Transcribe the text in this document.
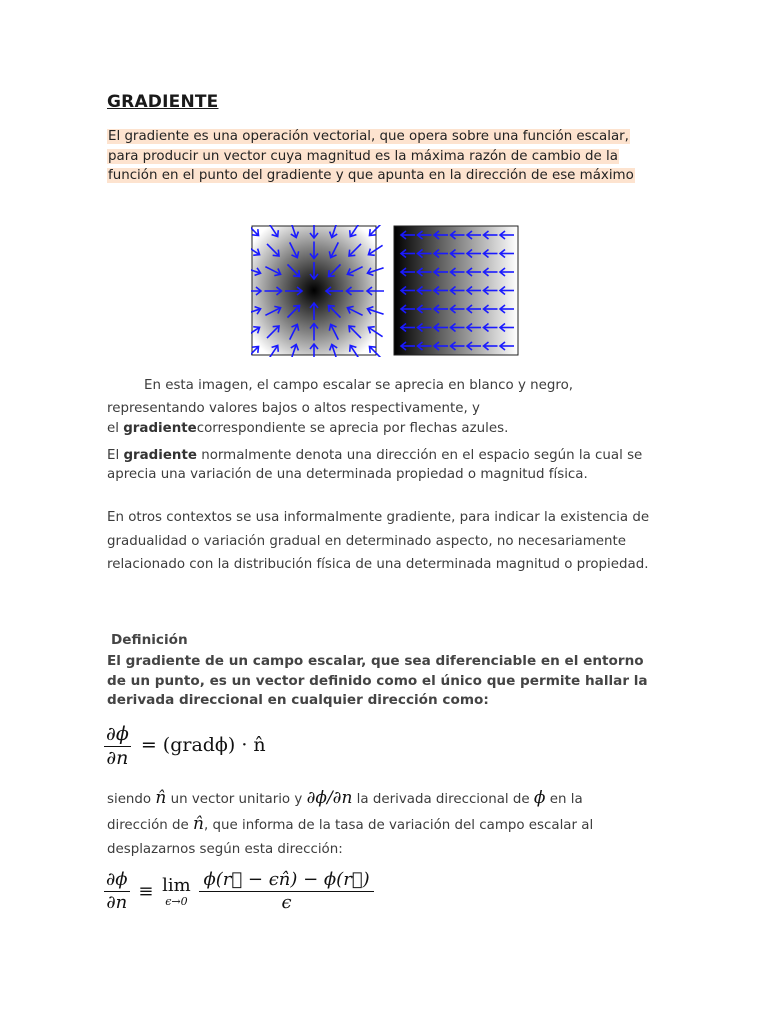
GRADIENTE
El gradiente es una operación vectorial, que opera sobre una función escalar,
para producir un vector cuya magnitud es la máxima razón de cambio de la
función en el punto del gradiente y que apunta en la dirección de ese máximo
En esta imagen, el campo escalar se aprecia en blanco y negro,
representando valores bajos o altos respectivamente, y
el gradientecorrespondiente se aprecia por flechas azules.
El gradiente normalmente denota una dirección en el espacio según la cual se aprecia una variación de una determinada propiedad o magnitud física.
En otros contextos se usa informalmente gradiente, para indicar la existencia de gradualidad o variación gradual en determinado aspecto, no necesariamente relacionado con la distribución física de una determinada magnitud o propiedad.
Definición
El gradiente de un campo escalar, que sea diferenciable en el entorno de un punto, es un vector definido como el único que permite hallar la derivada direccional en cualquier dirección como:
$\frac{\partial\phi}{\partial n}$ = (gradϕ) · n̂
siendo n̂ un vector unitario y ∂ϕ/∂n la derivada direccional de ϕ en la
dirección de n̂, que informa de la tasa de variación del campo escalar al
desplazarnos según esta dirección:
$\frac{\partial\phi}{\partial n} \equiv \lim$
ϵ→0
$\frac{\phi(r⃗ - \epsilon n̂) - \phi(r⃗)}{\epsilon}$
